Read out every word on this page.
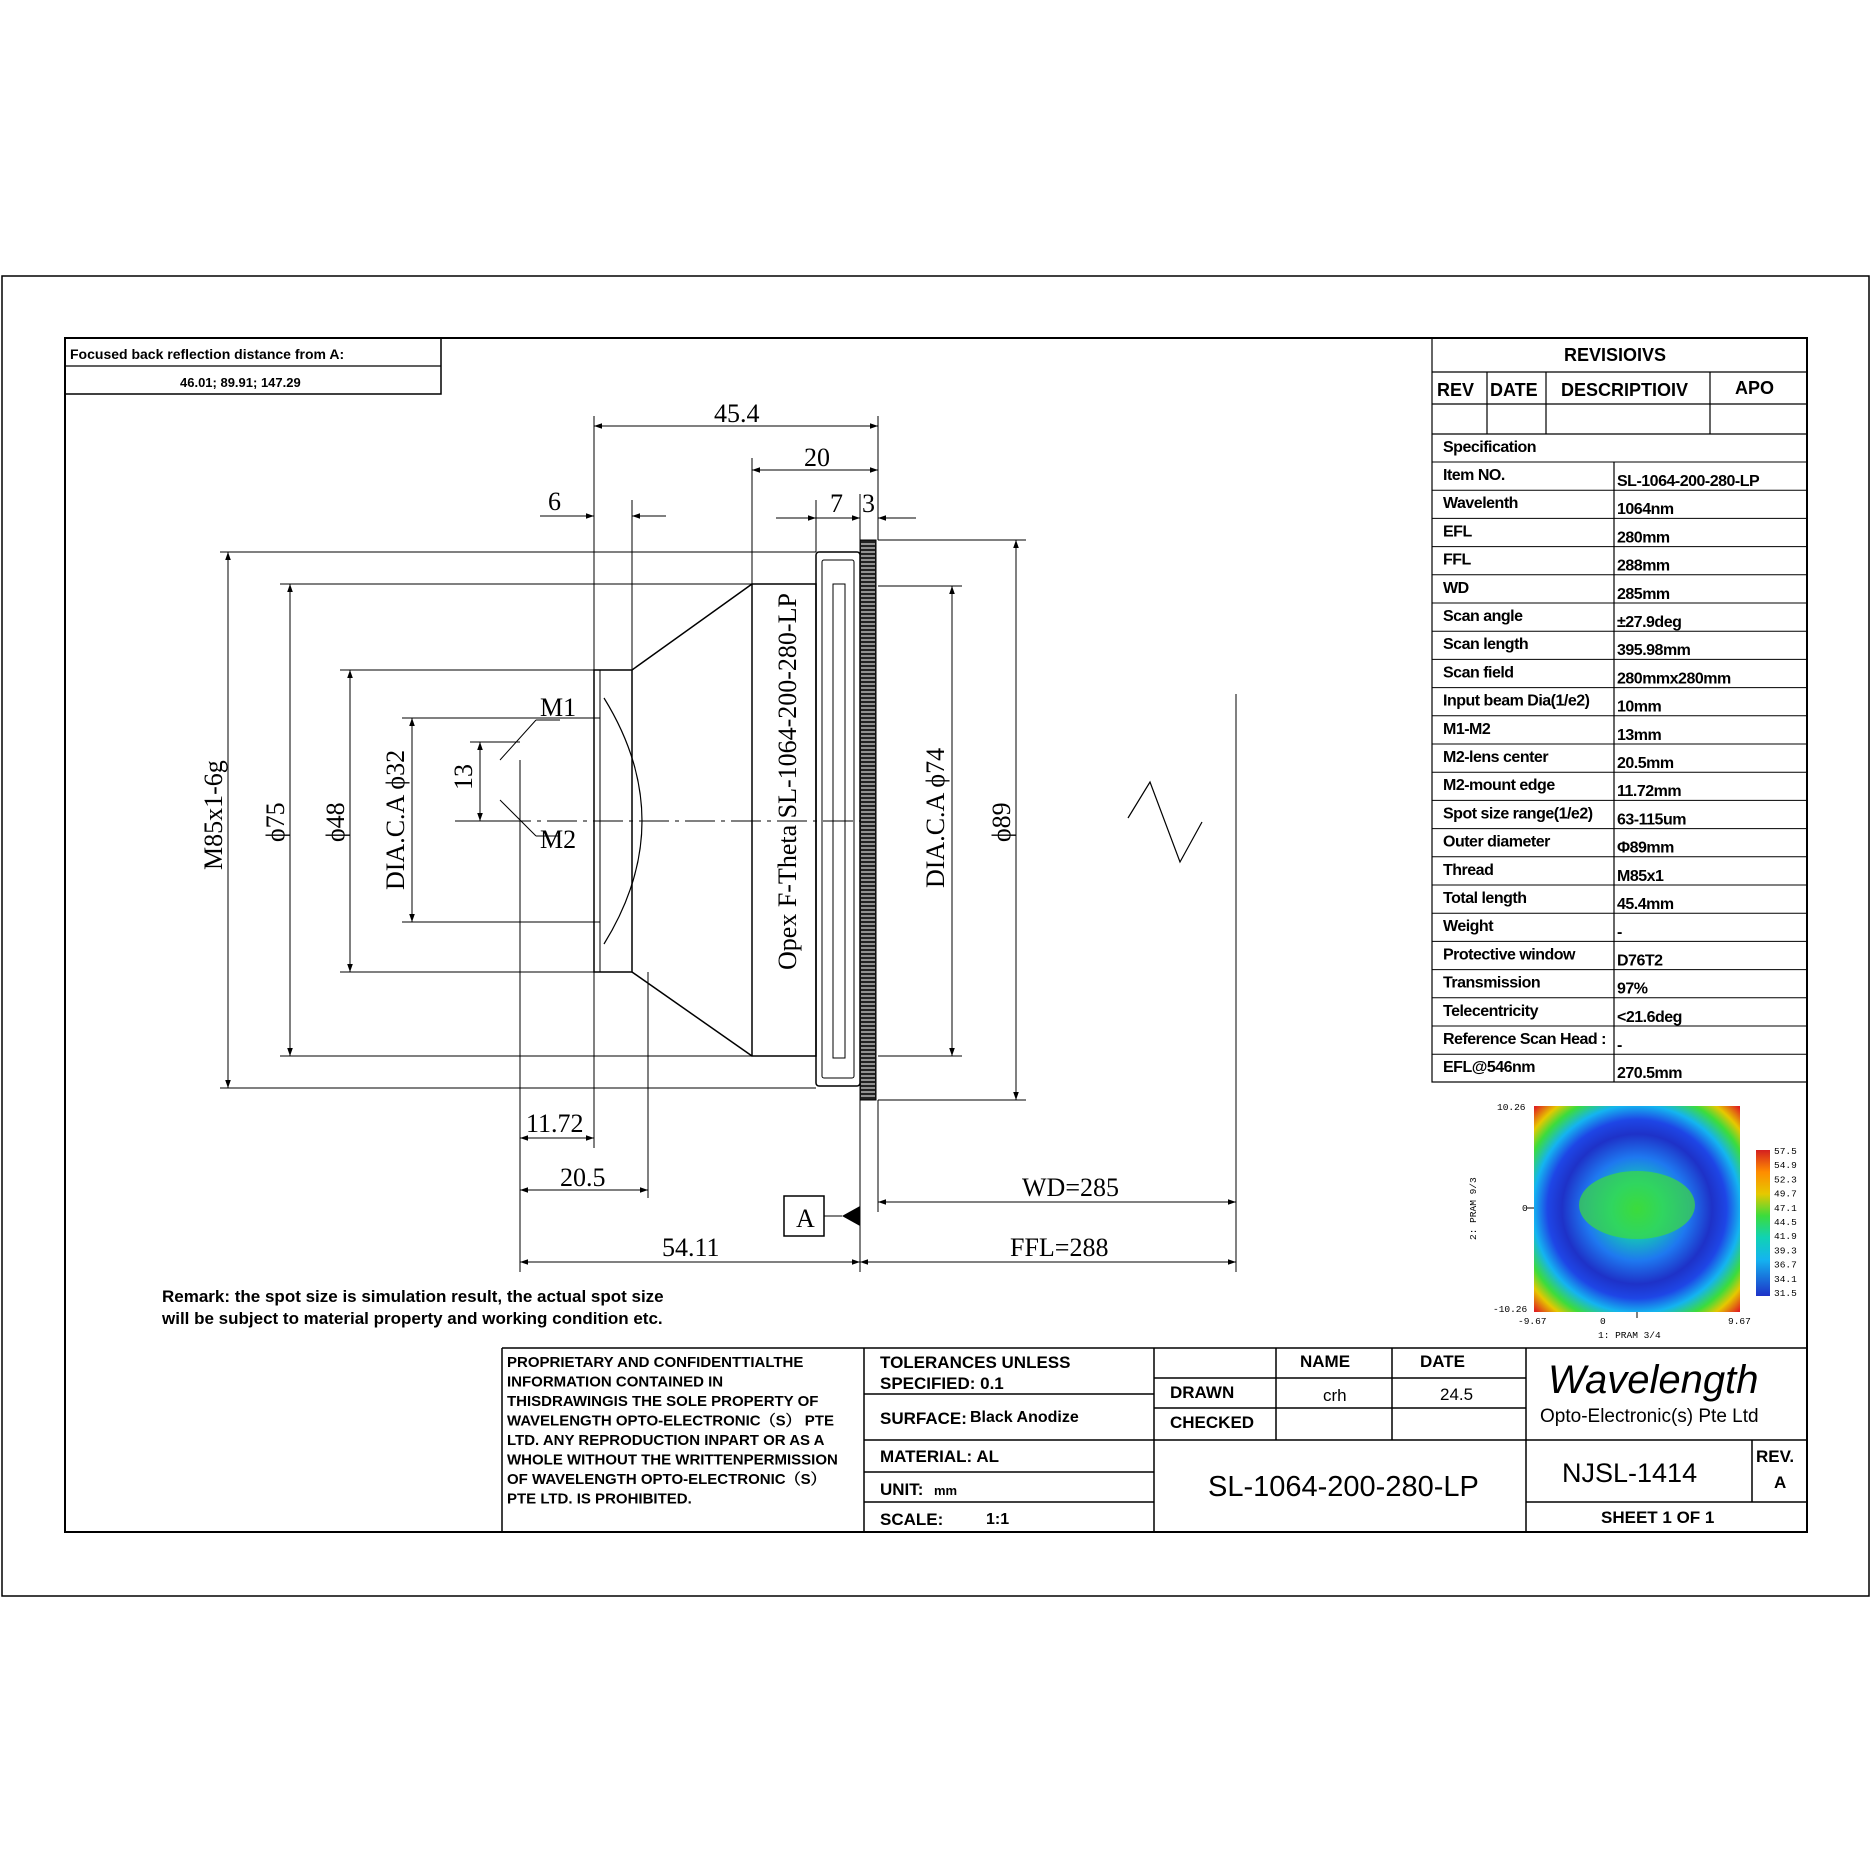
Focused back reflection distance from A:
46.01; 89.91; 147.29
45.4
20
6	7 3
M85x1-6g ϕ75 ϕ48 DIA.C.A ϕ32 13
M1
M2	Opex F-Theta SL-1064-200-280-LP	DIA.C.A ϕ74 ϕ89
11.72
20.5
54.11
WD=285
FFL=288
A
Remark: the spot size is simulation result, the actual spot size
will be subject to material property and working condition etc.
REVISIOIVS
REV DATE DESCRIPTIOIV	APO
Specification
Item NO.	SL-1064-200-280-LP
Wavelenth	1064nm
EFL	280mm
FFL	288mm
WD	285mm
Scan angle	±27.9deg
Scan length	395.98mm
Scan field	280mmx280mm
Input beam Dia(1/e2) 10mm
M1-M2	13mm
M2-lens center	20.5mm
M2-mount edge	11.72mm
Spot size range(1/e2) 63-115um
Outer diameter	Φ89mm
Thread	M85x1
Total length	45.4mm
Weight	-
Protective window	D76T2
Transmission	97%
Telecentricity	<21.6deg
Reference Scan Head : -
EFL@546nm	270.5mm
10.26
0
-10.26
-9.67	0	9.67
1: PRAM 3/4
2: PRAM 9/3
57.5
54.9
52.3
49.7
47.1
44.5
41.9
39.3
36.7
34.1
31.5
PROPRIETARY AND CONFIDENTTIALTHE
INFORMATION CONTAINED IN
THISDRAWINGIS THE SOLE PROPERTY OF
WAVELENGTH OPTO-ELECTRONIC（S） PTE
LTD. ANY REPRODUCTION INPART OR AS A
WHOLE WITHOUT THE WRITTENPERMISSION
OF WAVELENGTH OPTO-ELECTRONIC（S）
PTE LTD. IS PROHIBITED.
TOLERANCES UNLESS
SPECIFIED: 0.1
SURFACE: Black Anodize
MATERIAL: AL
UNIT: mm
SCALE:	1:1
NAME	DATE
DRAWN	crh	24.5
CHECKED
SL-1064-200-280-LP
Wavelength
Opto-Electronic(s) Pte Ltd
NJSL-1414
REV.
A
SHEET 1 OF 1
